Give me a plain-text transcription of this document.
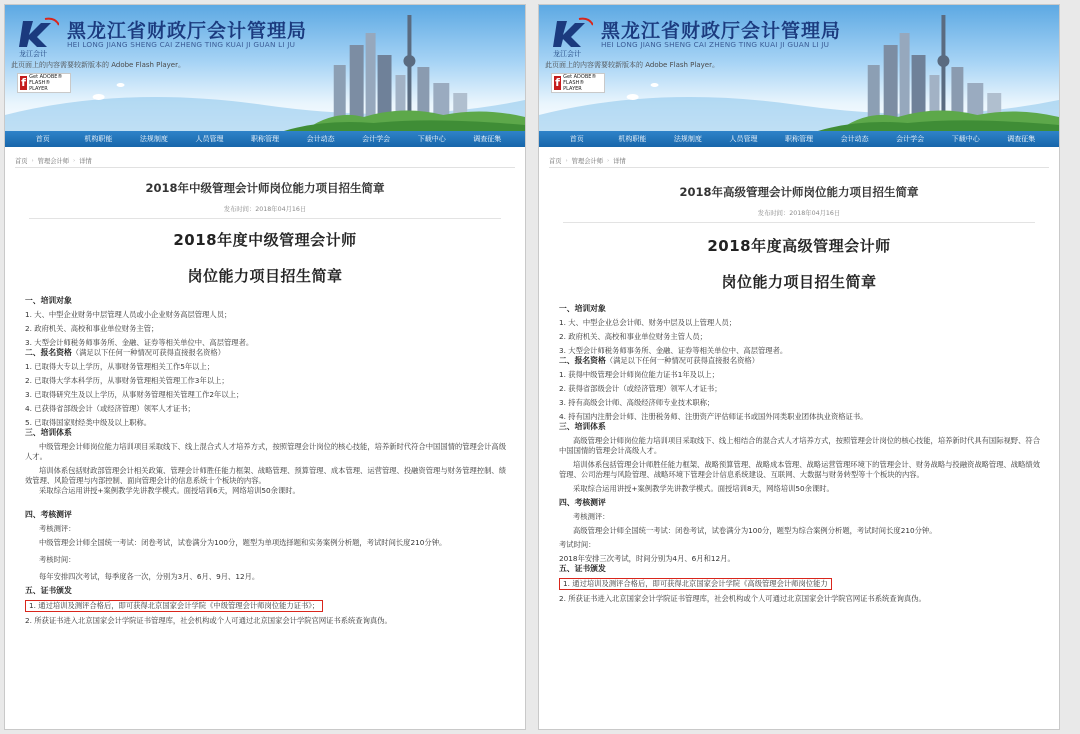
龙江会计
黑龙江省财政厅会计管理局
HEI LONG JIANG SHENG CAI ZHENG TING KUAI JI GUAN LI JU
此页面上的内容需要较新版本的 Adobe Flash Player。
f Get ADOBE® FLASH® PLAYER
首页	机构职能	法规制度	人员管理	职称管理	会计动态	会计学会	下载中心	调查征集
首页 › 管理会计师 › 详情
2018年中级管理会计师岗位能力项目招生简章
发布时间：2018年04月16日
2018年度中级管理会计师
岗位能力项目招生简章
一、培训对象
1. 大、中型企业财务中层管理人员或小企业财务高层管理人员；
2. 政府机关、高校和事业单位财务主管；
3. 大型会计师税务师事务所、金融、证券等相关单位中、高层管理者。
二、报名资格（满足以下任何一种情况可获得直接报名资格）
1. 已取得大专以上学历，从事财务管理相关工作5年以上；
2. 已取得大学本科学历，从事财务管理相关管理工作3年以上；
3. 已取得研究生及以上学历，从事财务管理相关管理工作2年以上；
4. 已获得省部级会计（或经济管理）领军人才证书；
5. 已取得国家财经类中级及以上职称。
三、培训体系
中级管理会计师岗位能力培训项目采取线下、线上混合式人才培养方式，按照管理会计岗位的核心技能，培养新时代符合中国国情的管理会计高级人才。
培训体系包括财政部管理会计相关政策、管理会计师胜任能力框架、战略管理、预算管理、成本管理、运营管理、投融资管理与财务管理控制、绩效管理、风险管理与内部控制、面向管理会计的信息系统十个板块的内容。
采取综合运用讲授+案例教学先讲教学模式。面授培训6天，网络培训50余课时。
四、考核测评
考核测评：
中级管理会计师全国统一考试：闭卷考试，试卷满分为100分，题型为单项选择题和实务案例分析题，考试时间长度210分钟。
考核时间：
每年安排四次考试，每季度各一次，分别为3月、6月、9月、12月。
五、证书颁发
1. 通过培训及测评合格后，即可获得北京国家会计学院《中级管理会计师岗位能力证书》；
2. 所获证书进入北京国家会计学院证书管理库，社会机构或个人可通过北京国家会计学院官网证书系统查询真伪。
龙江会计
黑龙江省财政厅会计管理局
HEI LONG JIANG SHENG CAI ZHENG TING KUAI JI GUAN LI JU
此页面上的内容需要较新版本的 Adobe Flash Player。
f Get ADOBE® FLASH® PLAYER
首页	机构职能	法规制度	人员管理	职称管理	会计动态	会计学会	下载中心	调查征集
首页 › 管理会计师 › 详情
2018年高级管理会计师岗位能力项目招生简章
发布时间：2018年04月16日
2018年度高级管理会计师
岗位能力项目招生简章
一、培训对象
1. 大、中型企业总会计师、财务中层及以上管理人员；
2. 政府机关、高校和事业单位财务主管人员；
3. 大型会计师税务师事务所、金融、证券等相关单位中、高层管理者。
二、报名资格（满足以下任何一种情况可获得直接报名资格）
1. 获得中级管理会计师岗位能力证书1年及以上；
2. 获得省部级会计（或经济管理）领军人才证书；
3. 持有高级会计师、高级经济师专业技术职称；
4. 持有国内注册会计师、注册税务师、注册资产评估师证书或国外同类职业团体执业资格证书。
三、培训体系
高级管理会计师岗位能力培训项目采取线下、线上相结合的混合式人才培养方式，按照管理会计岗位的核心技能，培养新时代具有国际视野、符合中国国情的管理会计高级人才。
培训体系包括管理会计师胜任能力框架、战略预算管理、战略成本管理、战略运营管理环境下的管理会计、财务战略与投融资战略管理、战略绩效管理、公司治理与风险管理、战略环境下管理会计信息系统建设、互联网、大数据与财务转型等十个板块的内容。
采取综合运用讲授+案例教学先讲教学模式。面授培训8天，网络培训50余课时。
四、考核测评
考核测评：
高级管理会计师全国统一考试：闭卷考试，试卷满分为100分，题型为综合案例分析题，考试时间长度210分钟。
考试时间：
2018年安排三次考试，时间分别为4月、6月和12月。
五、证书颁发
1. 通过培训及测评合格后，即可获得北京国家会计学院《高级管理会计师岗位能力
2. 所获证书进入北京国家会计学院证书管理库，社会机构或个人可通过北京国家会计学院官网证书系统查询真伪。
